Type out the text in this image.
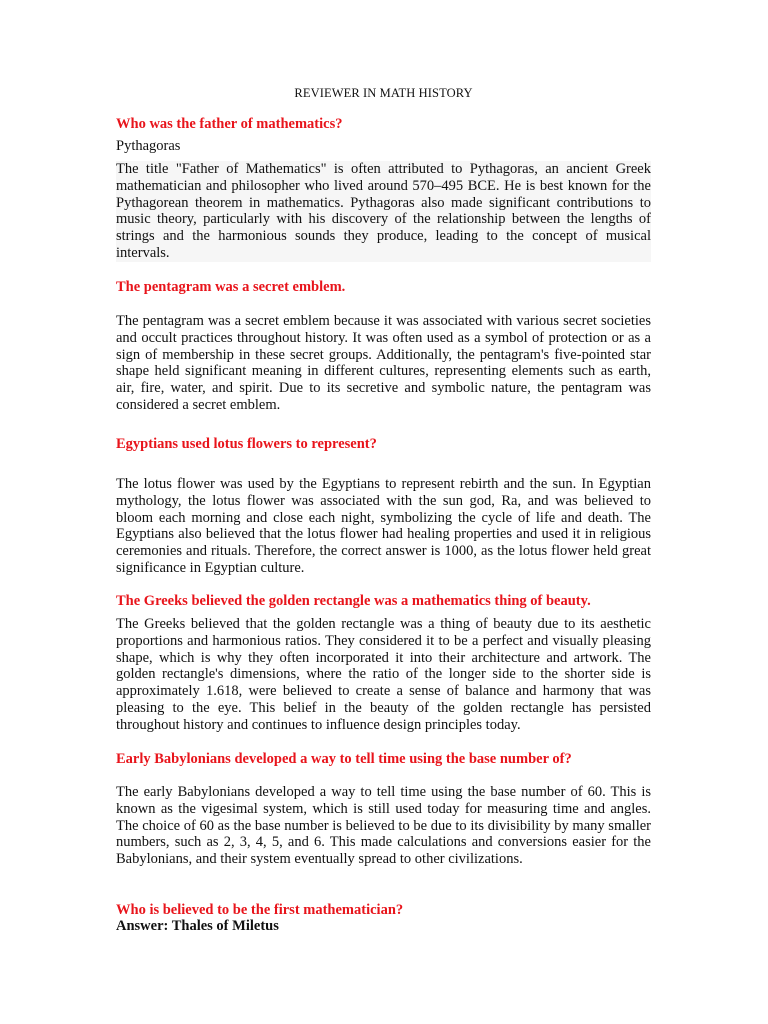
REVIEWER IN MATH HISTORY
Who was the father of mathematics?
Pythagoras
The title "Father of Mathematics" is often attributed to Pythagoras, an ancient Greek mathematician and philosopher who lived around 570–495 BCE. He is best known for the Pythagorean theorem in mathematics. Pythagoras also made significant contributions to music theory, particularly with his discovery of the relationship between the lengths of strings and the harmonious sounds they produce, leading to the concept of musical intervals.
The pentagram was a secret emblem.
The pentagram was a secret emblem because it was associated with various secret societies and occult practices throughout history. It was often used as a symbol of protection or as a sign of membership in these secret groups. Additionally, the pentagram's five-pointed star shape held significant meaning in different cultures, representing elements such as earth, air, fire, water, and spirit. Due to its secretive and symbolic nature, the pentagram was considered a secret emblem.
Egyptians used lotus flowers to represent?
The lotus flower was used by the Egyptians to represent rebirth and the sun. In Egyptian mythology, the lotus flower was associated with the sun god, Ra, and was believed to bloom each morning and close each night, symbolizing the cycle of life and death. The Egyptians also believed that the lotus flower had healing properties and used it in religious ceremonies and rituals. Therefore, the correct answer is 1000, as the lotus flower held great significance in Egyptian culture.
The Greeks believed the golden rectangle was a mathematics thing of beauty.
The Greeks believed that the golden rectangle was a thing of beauty due to its aesthetic proportions and harmonious ratios. They considered it to be a perfect and visually pleasing shape, which is why they often incorporated it into their architecture and artwork. The golden rectangle's dimensions, where the ratio of the longer side to the shorter side is approximately 1.618, were believed to create a sense of balance and harmony that was pleasing to the eye. This belief in the beauty of the golden rectangle has persisted throughout history and continues to influence design principles today.
Early Babylonians developed a way to tell time using the base number of?
The early Babylonians developed a way to tell time using the base number of 60. This is known as the vigesimal system, which is still used today for measuring time and angles. The choice of 60 as the base number is believed to be due to its divisibility by many smaller numbers, such as 2, 3, 4, 5, and 6. This made calculations and conversions easier for the Babylonians, and their system eventually spread to other civilizations.
Who is believed to be the first mathematician?
Answer: Thales of Miletus
